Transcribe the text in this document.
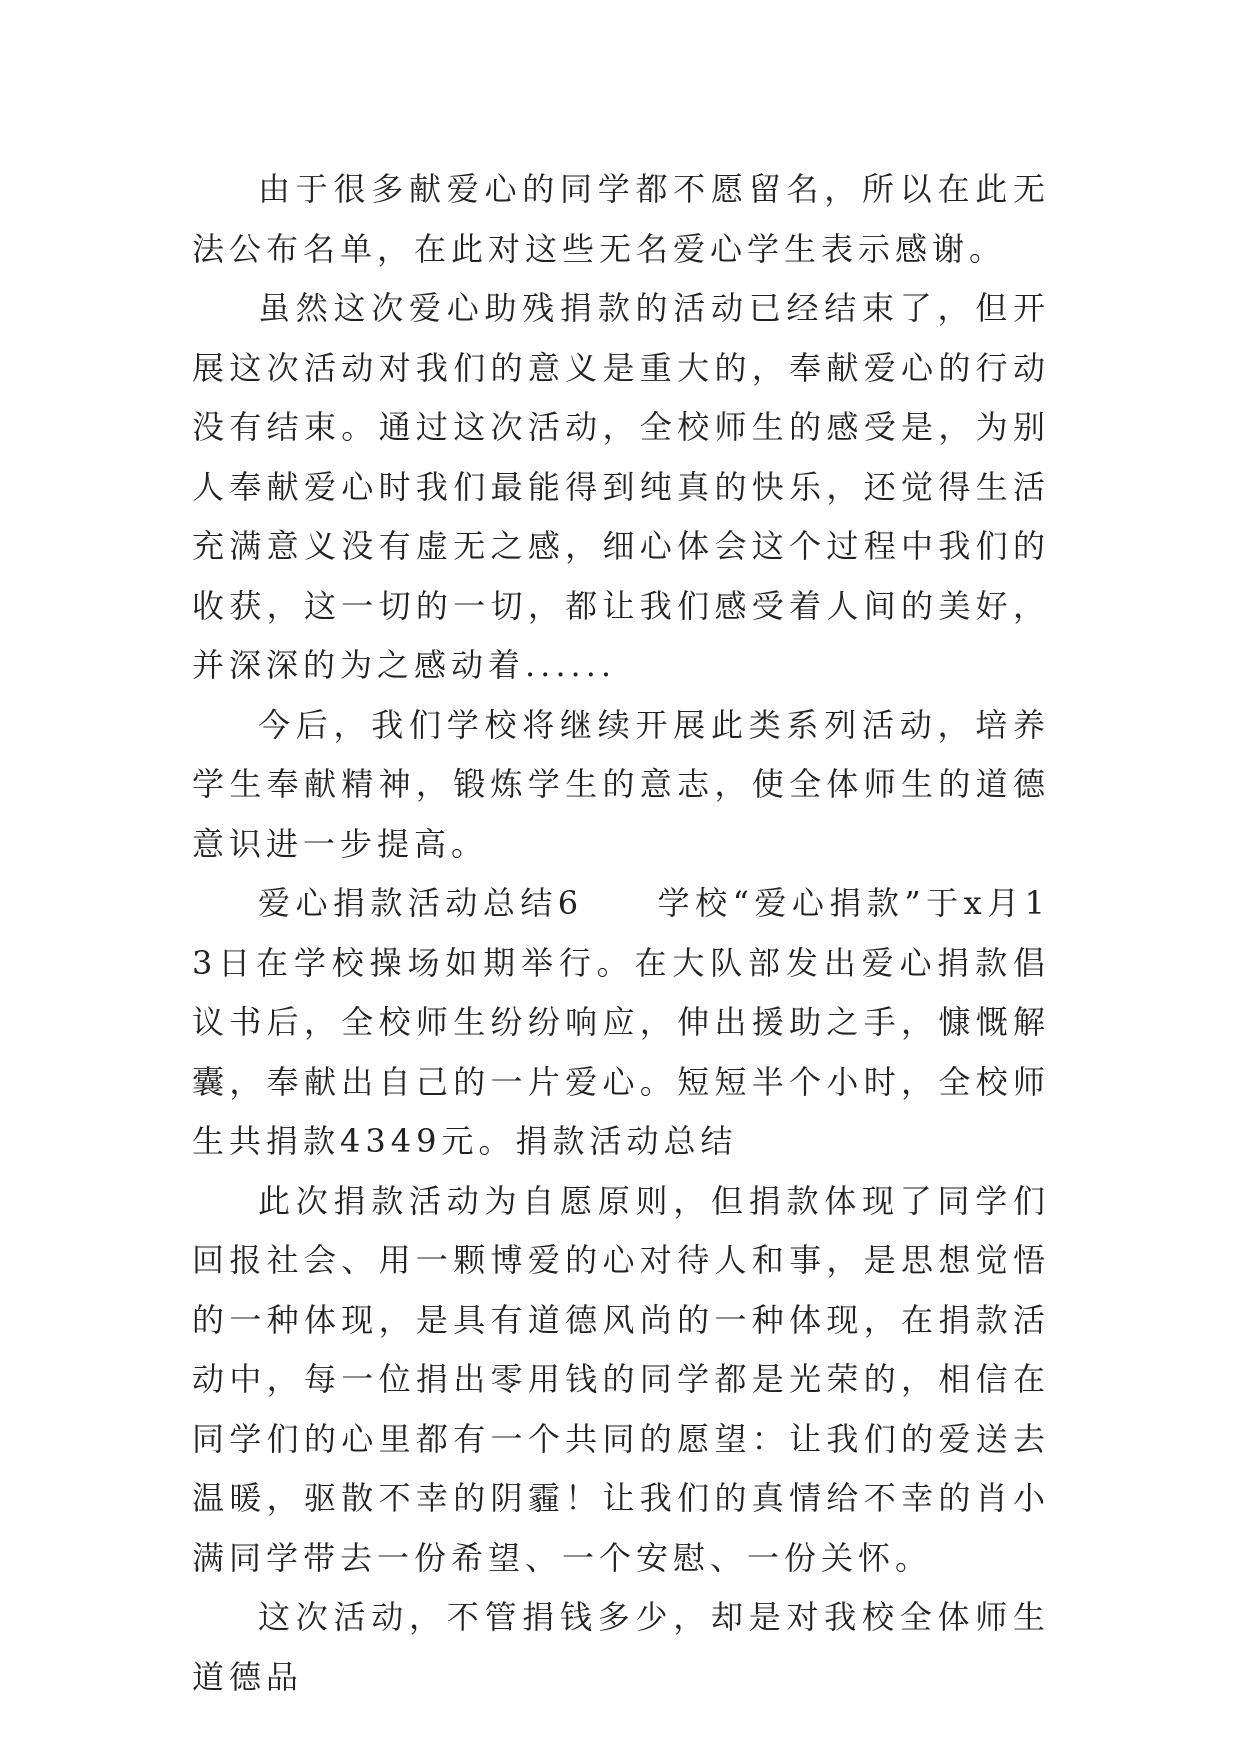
由于很多献爱心的同学都不愿留名，所以在此无法公布名单，在此对这些无名爱心学生表示感谢。

虽然这次爱心助残捐款的活动已经结束了，但开展这次活动对我们的意义是重大的，奉献爱心的行动没有结束。通过这次活动，全校师生的感受是，为别人奉献爱心时我们最能得到纯真的快乐，还觉得生活充满意义没有虚无之感，细心体会这个过程中我们的收获，这一切的一切，都让我们感受着人间的美好，并深深的为之感动着......

今后，我们学校将继续开展此类系列活动，培养学生奉献精神，锻炼学生的意志，使全体师生的道德意识进一步提高。

爱心捐款活动总结6 学校“爱心捐款”于x月13日在学校操场如期举行。在大队部发出爱心捐款倡议书后，全校师生纷纷响应，伸出援助之手，慷慨解囊，奉献出自己的一片爱心。短短半个小时，全校师生共捐款4349元。捐款活动总结

此次捐款活动为自愿原则，但捐款体现了同学们回报社会、用一颗博爱的心对待人和事，是思想觉悟的一种体现，是具有道德风尚的一种体现，在捐款活动中，每一位捐出零用钱的同学都是光荣的，相信在同学们的心里都有一个共同的愿望：让我们的爱送去温暖，驱散不幸的阴霾！让我们的真情给不幸的肖小满同学带去一份希望、一个安慰、一份关怀。

这次活动，不管捐钱多少，却是对我校全体师生道德品
